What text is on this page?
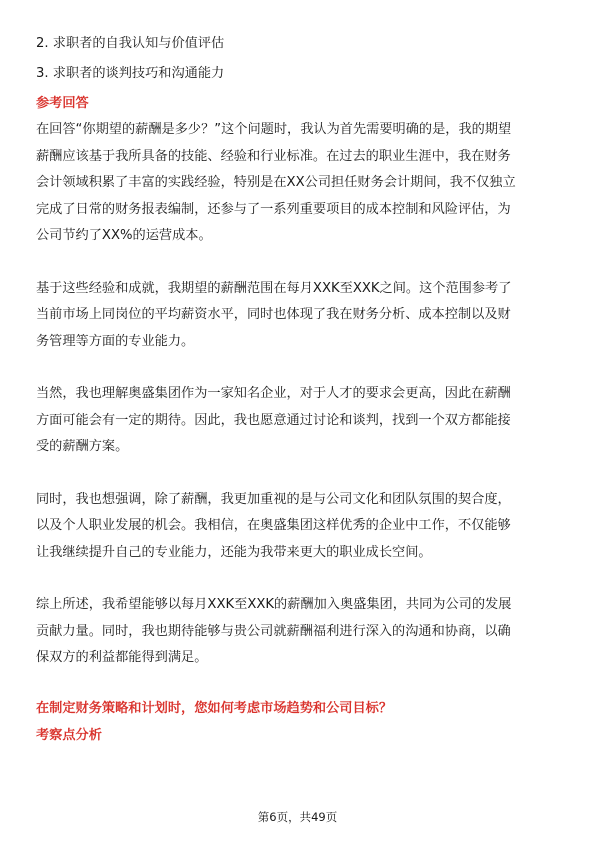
2. 求职者的自我认知与价值评估

3. 求职者的谈判技巧和沟通能力

参考回答

在回答“你期望的薪酬是多少？”这个问题时，我认为首先需要明确的是，我的期望

薪酬应该基于我所具备的技能、经验和行业标准。在过去的职业生涯中，我在财务

会计领域积累了丰富的实践经验，特别是在XX公司担任财务会计期间，我不仅独立

完成了日常的财务报表编制，还参与了一系列重要项目的成本控制和风险评估，为

公司节约了XX%的运营成本。

基于这些经验和成就，我期望的薪酬范围在每月XXK至XXK之间。这个范围参考了

当前市场上同岗位的平均薪资水平，同时也体现了我在财务分析、成本控制以及财

务管理等方面的专业能力。

当然，我也理解奥盛集团作为一家知名企业，对于人才的要求会更高，因此在薪酬

方面可能会有一定的期待。因此，我也愿意通过讨论和谈判，找到一个双方都能接

受的薪酬方案。

同时，我也想强调，除了薪酬，我更加重视的是与公司文化和团队氛围的契合度，

以及个人职业发展的机会。我相信，在奥盛集团这样优秀的企业中工作，不仅能够

让我继续提升自己的专业能力，还能为我带来更大的职业成长空间。

综上所述，我希望能够以每月XXK至XXK的薪酬加入奥盛集团，共同为公司的发展

贡献力量。同时，我也期待能够与贵公司就薪酬福利进行深入的沟通和协商，以确

保双方的利益都能得到满足。

在制定财务策略和计划时，您如何考虑市场趋势和公司目标？

考察点分析

第6页，共49页
